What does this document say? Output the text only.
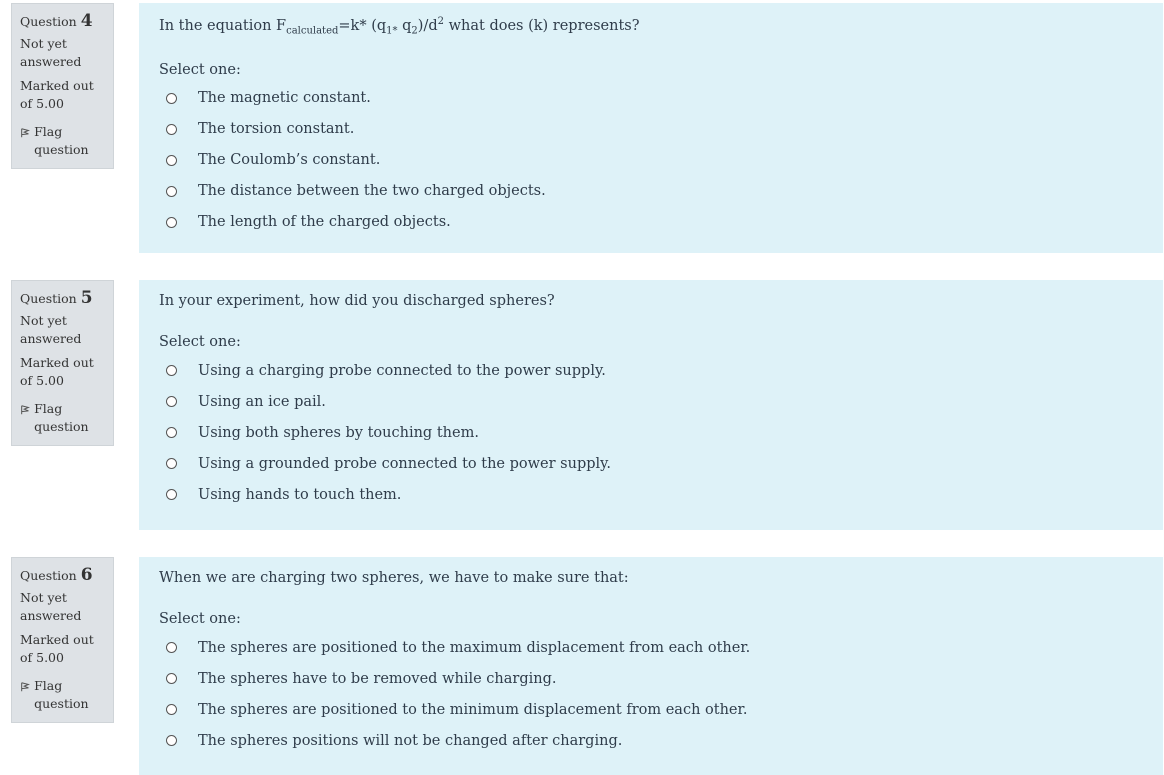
Question 4
Not yet answered
Marked out of 5.00
Flag question
In the equation $F_{calculated}=k*$ ($q_{1*}$ $q_2)/d^2$ what does (k) represents?
Select one:
The magnetic constant.
The torsion constant.
The Coulomb’s constant.
The distance between the two charged objects.
The length of the charged objects.
Question 5
Not yet answered
Marked out of 5.00
Flag question
In your experiment, how did you discharged spheres?
Select one:
Using a charging probe connected to the power supply.
Using an ice pail.
Using both spheres by touching them.
Using a grounded probe connected to the power supply.
Using hands to touch them.
Question 6
Not yet answered
Marked out of 5.00
Flag question
When we are charging two spheres, we have to make sure that:
Select one:
The spheres are positioned to the maximum displacement from each other.
The spheres have to be removed while charging.
The spheres are positioned to the minimum displacement from each other.
The spheres positions will not be changed after charging.
